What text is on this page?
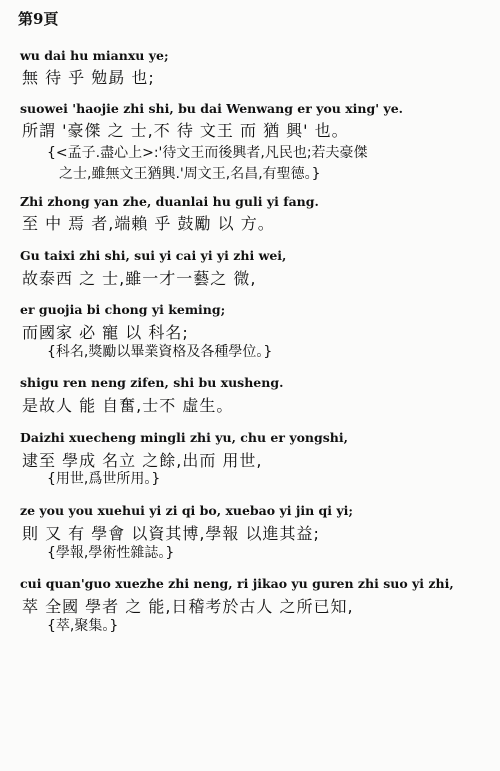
第9頁
wu dai hu mianxu ye;
無 待 乎 勉勗 也;
suowei 'haojie zhi shi, bu dai Wenwang er you xing' ye.
所謂 '豪傑 之 士,不 待 文王 而 猶 興' 也。
{<孟子.盡心上>:'待文王而後興者,凡民也;若夫豪傑
之士,雖無文王猶興.'周文王,名昌,有聖德。}
Zhi zhong yan zhe, duanlai hu guli yi fang.
至 中 焉 者,端賴 乎 鼓勵 以 方。
Gu taixi zhi shi, sui yi cai yi yi zhi wei,
故泰西 之 士,雖一才一藝之 微,
er guojia bi chong yi keming;
而國家 必 寵 以 科名;
{科名,獎勵以畢業資格及各種學位。}
shigu ren neng zifen, shi bu xusheng.
是故人 能 自奮,士不 虛生。
Daizhi xuecheng mingli zhi yu, chu er yongshi,
逮至 學成 名立 之餘,出而 用世,
{用世,爲世所用。}
ze you you xuehui yi zi qi bo, xuebao yi jin qi yi;
則 又 有 學會 以資其博,學報 以進其益;
{學報,學術性雜誌。}
cui quan'guo xuezhe zhi neng, ri jikao yu guren zhi suo yi zhi,
萃 全國 學者 之 能,日稽考於古人 之所已知,
{萃,聚集。}
